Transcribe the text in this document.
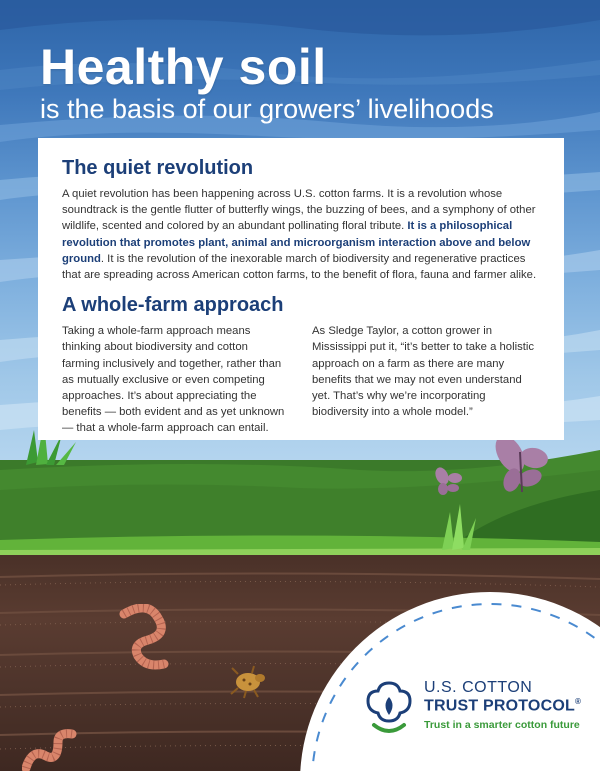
Healthy soil
is the basis of our growers’ livelihoods
The quiet revolution

A quiet revolution has been happening across U.S. cotton farms. It is a revolution whose soundtrack is the gentle flutter of butterfly wings, the buzzing of bees, and a symphony of other wildlife, scented and colored by an abundant pollinating floral tribute. It is a philosophical revolution that promotes plant, animal and microorganism interaction above and below ground. It is the revolution of the inexorable march of biodiversity and regenerative practices that are spreading across American cotton farms, to the benefit of flora, fauna and farmer alike.

A whole-farm approach

Taking a whole-farm approach means thinking about biodiversity and cotton farming inclusively and together, rather than as mutually exclusive or even competing approaches. It’s about appreciating the benefits — both evident and as yet unknown — that a whole-farm approach can entail.

As Sledge Taylor, a cotton grower in Mississippi put it, “it’s better to take a holistic approach on a farm as there are many benefits that we may not even understand yet. That’s why we’re incorporating biodiversity into a whole model.”

U.S. COTTON
TRUST PROTOCOL®
Trust in a smarter cotton future
